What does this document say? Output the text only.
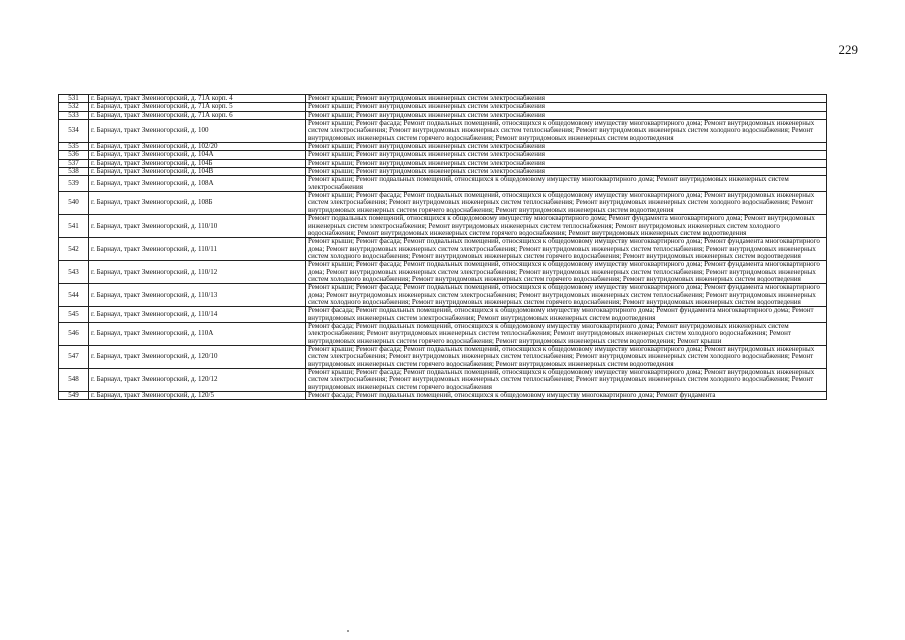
229
531	г. Барнаул, тракт Змеиногорский, д. 71А корп. 4	Ремонт крыши; Ремонт внутридомовых инженерных систем электроснабжения
532	г. Барнаул, тракт Змеиногорский, д. 71А корп. 5	Ремонт крыши; Ремонт внутридомовых инженерных систем электроснабжения
533	г. Барнаул, тракт Змеиногорский, д. 71А корп. 6	Ремонт крыши; Ремонт внутридомовых инженерных систем электроснабжения
534	г. Барнаул, тракт Змеиногорский, д. 100	Ремонт крыши; Ремонт фасада; Ремонт подвальных помещений, относящихся к общедомовому имуществу многоквартирного дома; Ремонт внутридомовых инженерных систем электроснабжения; Ремонт внутридомовых инженерных систем теплоснабжения; Ремонт внутридомовых инженерных систем холодного водоснабжения; Ремонт внутридомовых инженерных систем горячего водоснабжения; Ремонт внутридомовых инженерных систем водоотведения
535	г. Барнаул, тракт Змеиногорский, д. 102/20	Ремонт крыши; Ремонт внутридомовых инженерных систем электроснабжения
536	г. Барнаул, тракт Змеиногорский, д. 104А	Ремонт крыши; Ремонт внутридомовых инженерных систем электроснабжения
537	г. Барнаул, тракт Змеиногорский, д. 104Б	Ремонт крыши; Ремонт внутридомовых инженерных систем электроснабжения
538	г. Барнаул, тракт Змеиногорский, д. 104В	Ремонт крыши; Ремонт внутридомовых инженерных систем электроснабжения
539	г. Барнаул, тракт Змеиногорский, д. 108А	Ремонт крыши; Ремонт подвальных помещений, относящихся к общедомовому имуществу многоквартирного дома; Ремонт внутридомовых инженерных систем электроснабжения
540	г. Барнаул, тракт Змеиногорский, д. 108Б	Ремонт крыши; Ремонт фасада; Ремонт подвальных помещений, относящихся к общедомовому имуществу многоквартирного дома; Ремонт внутридомовых инженерных систем электроснабжения; Ремонт внутридомовых инженерных систем теплоснабжения; Ремонт внутридомовых инженерных систем холодного водоснабжения; Ремонт внутридомовых инженерных систем горячего водоснабжения; Ремонт внутридомовых инженерных систем водоотведения
541	г. Барнаул, тракт Змеиногорский, д. 110/10	Ремонт подвальных помещений, относящихся к общедомовому имуществу многоквартирного дома; Ремонт фундамента многоквартирного дома; Ремонт внутридомовых инженерных систем электроснабжения; Ремонт внутридомовых инженерных систем теплоснабжения; Ремонт внутридомовых инженерных систем холодного водоснабжения; Ремонт внутридомовых инженерных систем горячего водоснабжения; Ремонт внутридомовых инженерных систем водоотведения
542	г. Барнаул, тракт Змеиногорский, д. 110/11	Ремонт крыши; Ремонт фасада; Ремонт подвальных помещений, относящихся к общедомовому имуществу многоквартирного дома; Ремонт фундамента многоквартирного дома; Ремонт внутридомовых инженерных систем электроснабжения; Ремонт внутридомовых инженерных систем теплоснабжения; Ремонт внутридомовых инженерных систем холодного водоснабжения; Ремонт внутридомовых инженерных систем горячего водоснабжения; Ремонт внутридомовых инженерных систем водоотведения
543	г. Барнаул, тракт Змеиногорский, д. 110/12	Ремонт крыши; Ремонт фасада; Ремонт подвальных помещений, относящихся к общедомовому имуществу многоквартирного дома; Ремонт фундамента многоквартирного дома; Ремонт внутридомовых инженерных систем электроснабжения; Ремонт внутридомовых инженерных систем теплоснабжения; Ремонт внутридомовых инженерных систем холодного водоснабжения; Ремонт внутридомовых инженерных систем горячего водоснабжения; Ремонт внутридомовых инженерных систем водоотведения
544	г. Барнаул, тракт Змеиногорский, д. 110/13	Ремонт крыши; Ремонт фасада; Ремонт подвальных помещений, относящихся к общедомовому имуществу многоквартирного дома; Ремонт фундамента многоквартирного дома; Ремонт внутридомовых инженерных систем электроснабжения; Ремонт внутридомовых инженерных систем теплоснабжения; Ремонт внутридомовых инженерных систем холодного водоснабжения; Ремонт внутридомовых инженерных систем горячего водоснабжения; Ремонт внутридомовых инженерных систем водоотведения
545	г. Барнаул, тракт Змеиногорский, д. 110/14	Ремонт фасада; Ремонт подвальных помещений, относящихся к общедомовому имуществу многоквартирного дома; Ремонт фундамента многоквартирного дома; Ремонт внутридомовых инженерных систем электроснабжения; Ремонт внутридомовых инженерных систем водоотведения
546	г. Барнаул, тракт Змеиногорский, д. 110А	Ремонт фасада; Ремонт подвальных помещений, относящихся к общедомовому имуществу многоквартирного дома; Ремонт внутридомовых инженерных систем электроснабжения; Ремонт внутридомовых инженерных систем теплоснабжения; Ремонт внутридомовых инженерных систем холодного водоснабжения; Ремонт внутридомовых инженерных систем горячего водоснабжения; Ремонт внутридомовых инженерных систем водоотведения; Ремонт крыши
547	г. Барнаул, тракт Змеиногорский, д. 120/10	Ремонт крыши; Ремонт фасада; Ремонт подвальных помещений, относящихся к общедомовому имуществу многоквартирного дома; Ремонт внутридомовых инженерных систем электроснабжения; Ремонт внутридомовых инженерных систем теплоснабжения; Ремонт внутридомовых инженерных систем холодного водоснабжения; Ремонт внутридомовых инженерных систем горячего водоснабжения; Ремонт внутридомовых инженерных систем водоотведения
548	г. Барнаул, тракт Змеиногорский, д. 120/12	Ремонт крыши; Ремонт фасада; Ремонт подвальных помещений, относящихся к общедомовому имуществу многоквартирного дома; Ремонт внутридомовых инженерных систем электроснабжения; Ремонт внутридомовых инженерных систем теплоснабжения; Ремонт внутридомовых инженерных систем холодного водоснабжения; Ремонт внутридомовых инженерных систем горячего водоснабжения
549	г. Барнаул, тракт Змеиногорский, д. 120/5	Ремонт фасада; Ремонт подвальных помещений, относящихся к общедомовому имуществу многоквартирного дома; Ремонт фундамента
